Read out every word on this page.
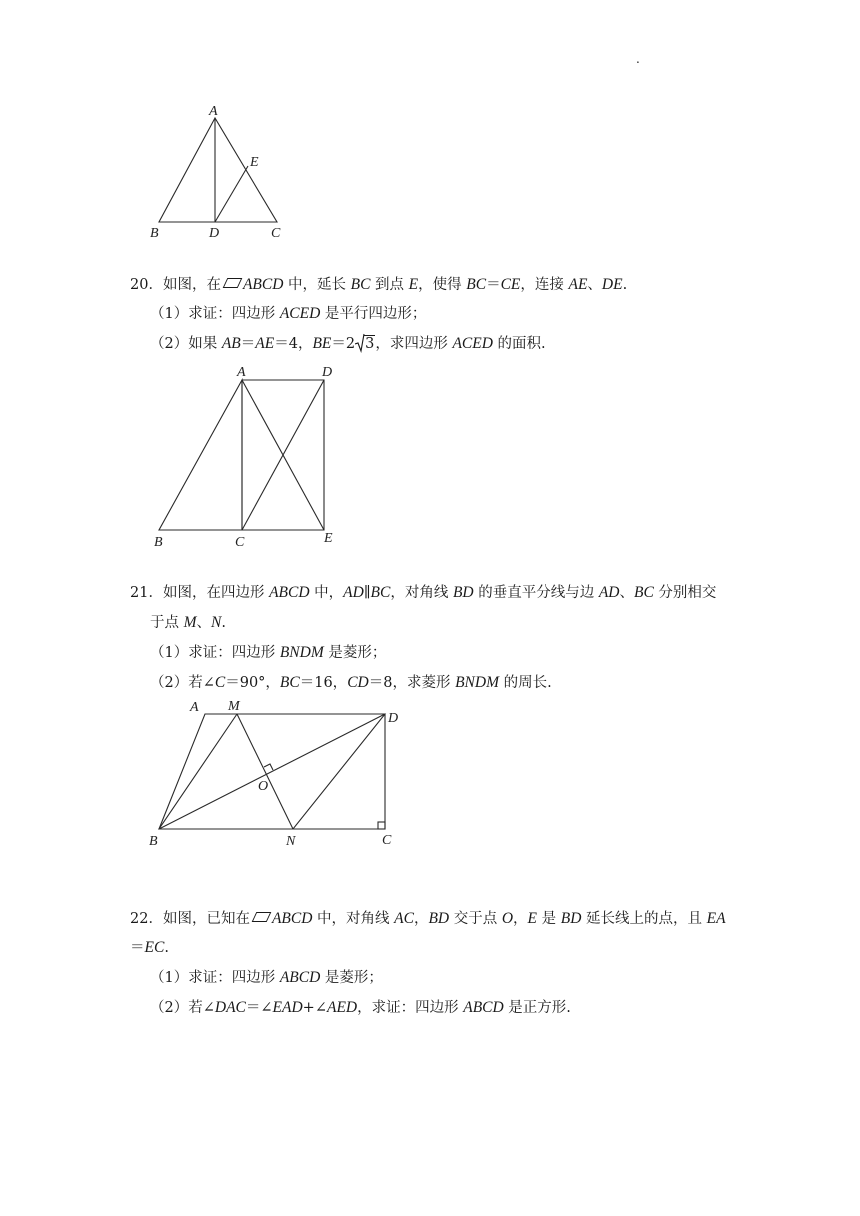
.
A
E
B	D	C
20．如图，在 ABCD 中，延长 BC 到点 E，使得 BC＝CE，连接 AE、DE.
（1）求证：四边形 ACED 是平行四边形；
（2）如果 AB＝AE＝4，BE＝2 3，求四边形 ACED 的面积.
A	D
B	C	E
21．如图，在四边形 ABCD 中，AD∥BC，对角线 BD 的垂直平分线与边 AD、BC 分别相交
于点 M、N.
（1）求证：四边形 BNDM 是菱形；
（2）若∠C＝90°，BC＝16，CD＝8，求菱形 BNDM 的周长.
A M
D
O
B	N	C
22．如图，已知在 ABCD 中，对角线 AC，BD 交于点 O，E 是 BD 延长线上的点，且 EA
＝EC.
（1）求证：四边形 ABCD 是菱形；
（2）若∠DAC＝∠EAD+∠AED，求证：四边形 ABCD 是正方形.
